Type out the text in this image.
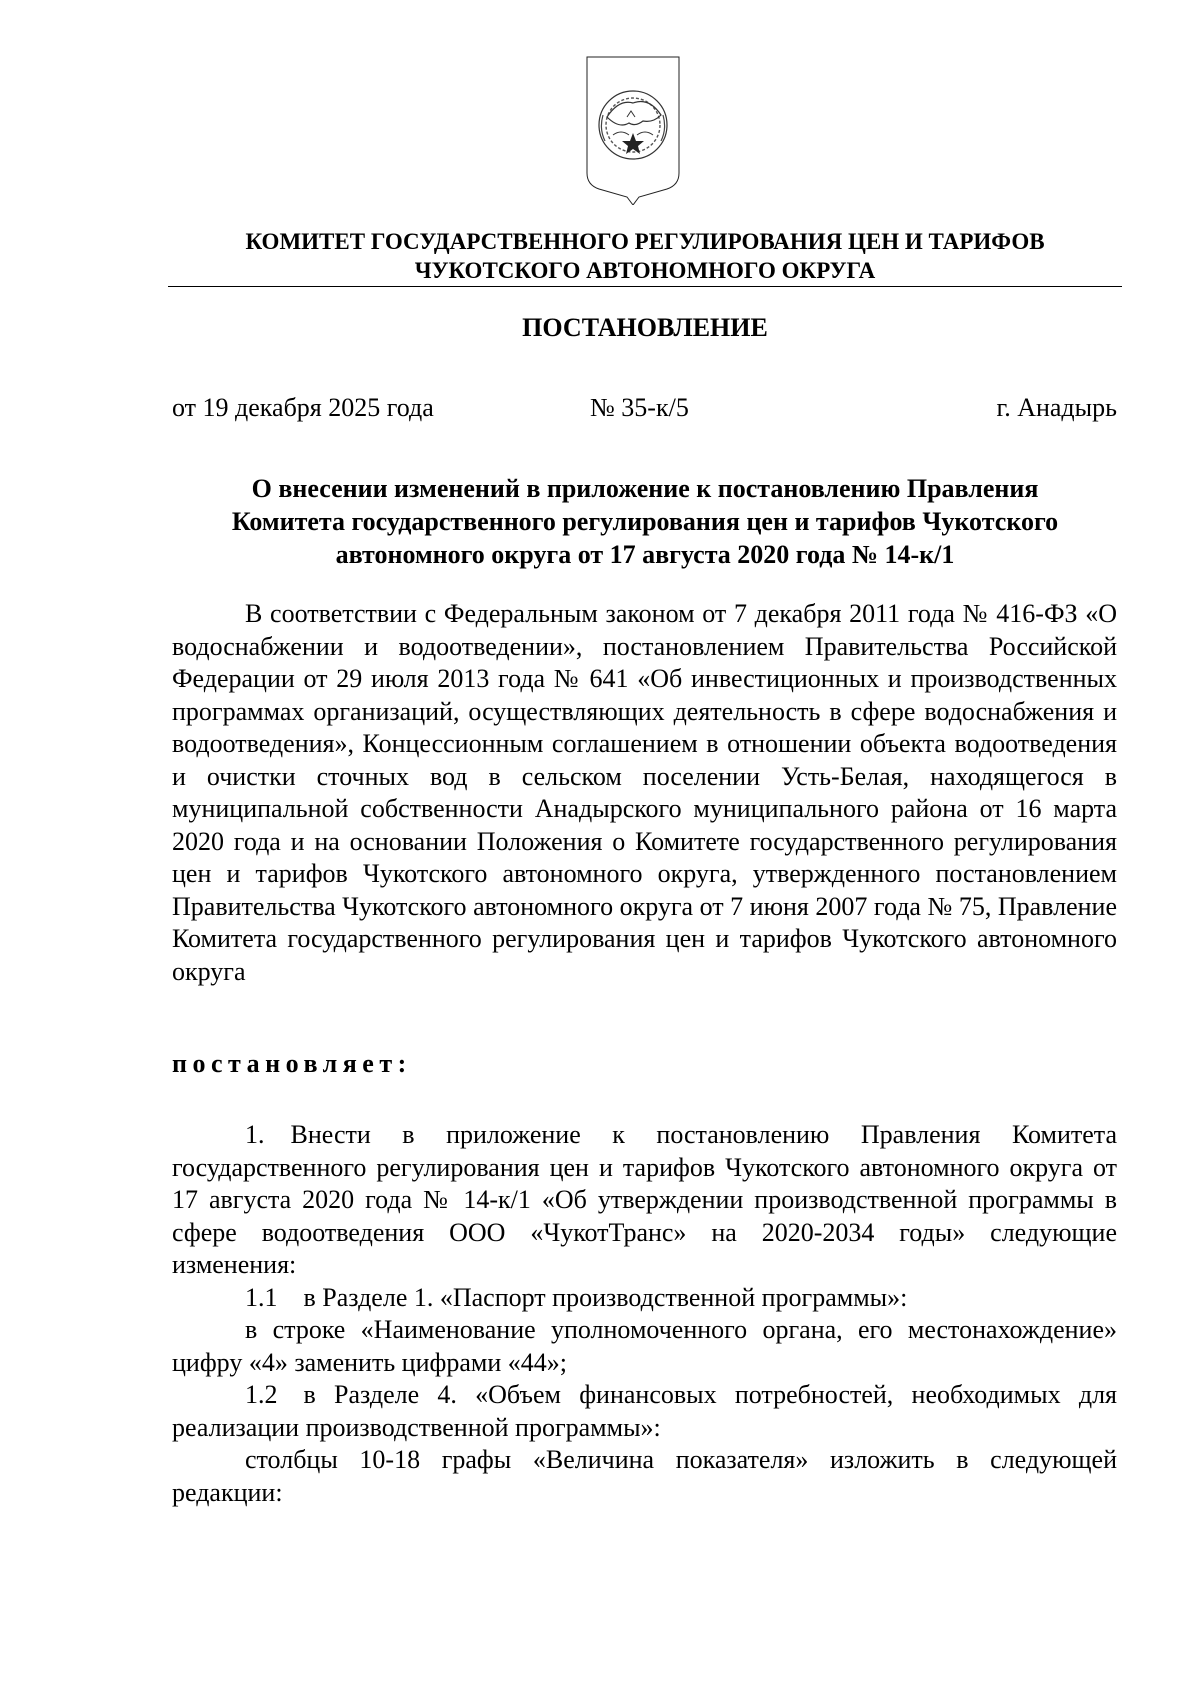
КОМИТЕТ ГОСУДАРСТВЕННОГО РЕГУЛИРОВАНИЯ ЦЕН И ТАРИФОВ
ЧУКОТСКОГО АВТОНОМНОГО ОКРУГА
ПОСТАНОВЛЕНИЕ
от 19 декабря 2025 года	№ 35-к/5	г. Анадырь
О внесении изменений в приложение к постановлению Правления
Комитета государственного регулирования цен и тарифов Чукотского
автономного округа от 17 августа 2020 года № 14-к/1

В соответствии с Федеральным законом от 7 декабря 2011 года № 416-ФЗ «О водоснабжении и водоотведении», постановлением Правительства Российской Федерации от 29 июля 2013 года № 641 «Об инвестиционных и производственных программах организаций, осуществляющих деятельность в сфере водоснабжения и водоотведения», Концессионным соглашением в отношении объекта водоотведения и очистки сточных вод в сельском поселении Усть-Белая, находящегося в муниципальной собственности Анадырского муниципального района от 16 марта 2020 года и на основании Положения о Комитете государственного регулирования цен и тарифов Чукотского автономного округа, утвержденного постановлением Правительства Чукотского автономного округа от 7 июня 2007 года № 75, Правление Комитета государственного регулирования цен и тарифов Чукотского автономного округа

постановляет:

1. Внести в приложение к постановлению Правления Комитета государственного регулирования цен и тарифов Чукотского автономного округа от 17 августа 2020 года № 14-к/1 «Об утверждении производственной программы в сфере водоотведения ООО «ЧукотТранс» на 2020-2034 годы» следующие изменения:

1.1 в Разделе 1. «Паспорт производственной программы»:

в строке «Наименование уполномоченного органа, его местонахождение» цифру «4» заменить цифрами «44»;

1.2 в Разделе 4. «Объем финансовых потребностей, необходимых для реализации производственной программы»:

столбцы 10-18 графы «Величина показателя» изложить в следующей редакции:
